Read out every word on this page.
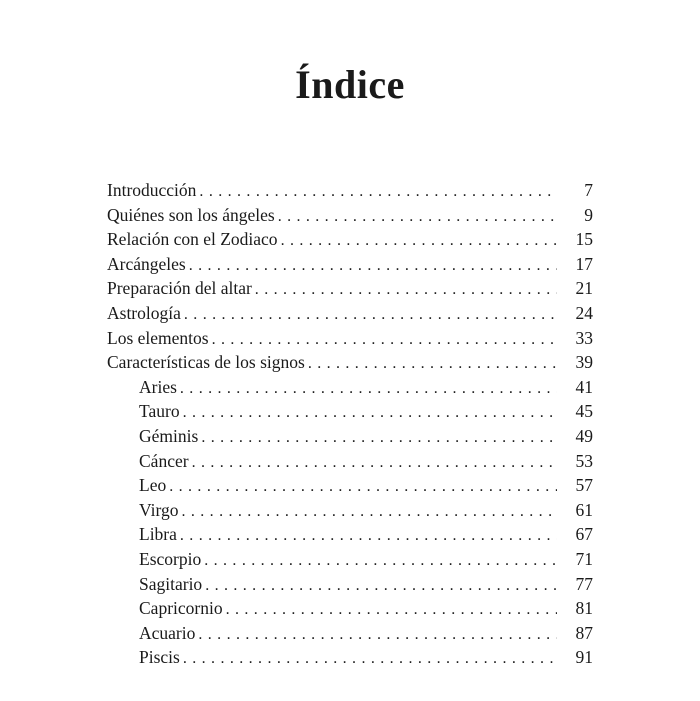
Índice
Introducción . . .	7
Quiénes son los ángeles . . .	9
Relación con el Zodiaco . . .	15
Arcángeles . . .	17
Preparación del altar . . .	21
Astrología . . .	24
Los elementos . . .	33
Características de los signos . . .	39
Aries . . .	41
Tauro . . .	45
Géminis . . .	49
Cáncer . . .	53
Leo . . .	57
Virgo . . .	61
Libra . . .	67
Escorpio . . .	71
Sagitario . . .	77
Capricornio . . .	81
Acuario . . .	87
Piscis . . .	91
